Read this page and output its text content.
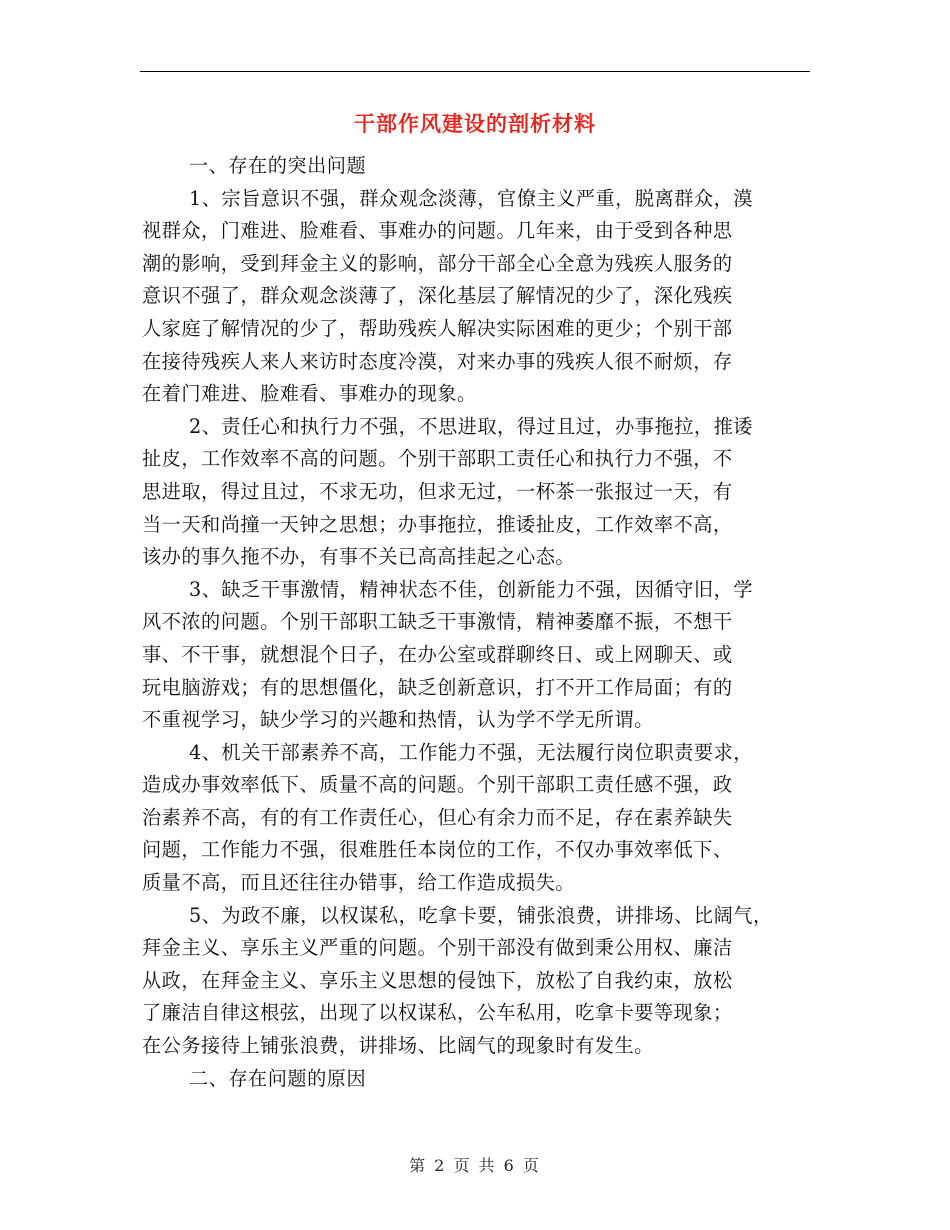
干部作风建设的剖析材料
一、存在的突出问题
1、宗旨意识不强，群众观念淡薄，官僚主义严重，脱离群众，漠
视群众，门难进、脸难看、事难办的问题。几年来，由于受到各种思
潮的影响，受到拜金主义的影响，部分干部全心全意为残疾人服务的
意识不强了，群众观念淡薄了，深化基层了解情况的少了，深化残疾
人家庭了解情况的少了，帮助残疾人解决实际困难的更少；个别干部
在接待残疾人来人来访时态度冷漠，对来办事的残疾人很不耐烦，存
在着门难进、脸难看、事难办的现象。
2、责任心和执行力不强，不思进取，得过且过，办事拖拉，推诿
扯皮，工作效率不高的问题。个别干部职工责任心和执行力不强，不
思进取，得过且过，不求无功，但求无过，一杯茶一张报过一天，有
当一天和尚撞一天钟之思想；办事拖拉，推诿扯皮，工作效率不高，
该办的事久拖不办，有事不关已高高挂起之心态。
3、缺乏干事激情，精神状态不佳，创新能力不强，因循守旧，学
风不浓的问题。个别干部职工缺乏干事激情，精神萎靡不振，不想干
事、不干事，就想混个日子，在办公室或群聊终日、或上网聊天、或
玩电脑游戏；有的思想僵化，缺乏创新意识，打不开工作局面；有的
不重视学习，缺少学习的兴趣和热情，认为学不学无所谓。
4、机关干部素养不高，工作能力不强，无法履行岗位职责要求，
造成办事效率低下、质量不高的问题。个别干部职工责任感不强，政
治素养不高，有的有工作责任心，但心有余力而不足，存在素养缺失
问题，工作能力不强，很难胜任本岗位的工作，不仅办事效率低下、
质量不高，而且还往往办错事，给工作造成损失。
5、为政不廉，以权谋私，吃拿卡要，铺张浪费，讲排场、比阔气，
拜金主义、享乐主义严重的问题。个别干部没有做到秉公用权、廉洁
从政，在拜金主义、享乐主义思想的侵蚀下，放松了自我约束，放松
了廉洁自律这根弦，出现了以权谋私，公车私用，吃拿卡要等现象；
在公务接待上铺张浪费，讲排场、比阔气的现象时有发生。
二、存在问题的原因
第 2 页 共 6 页
